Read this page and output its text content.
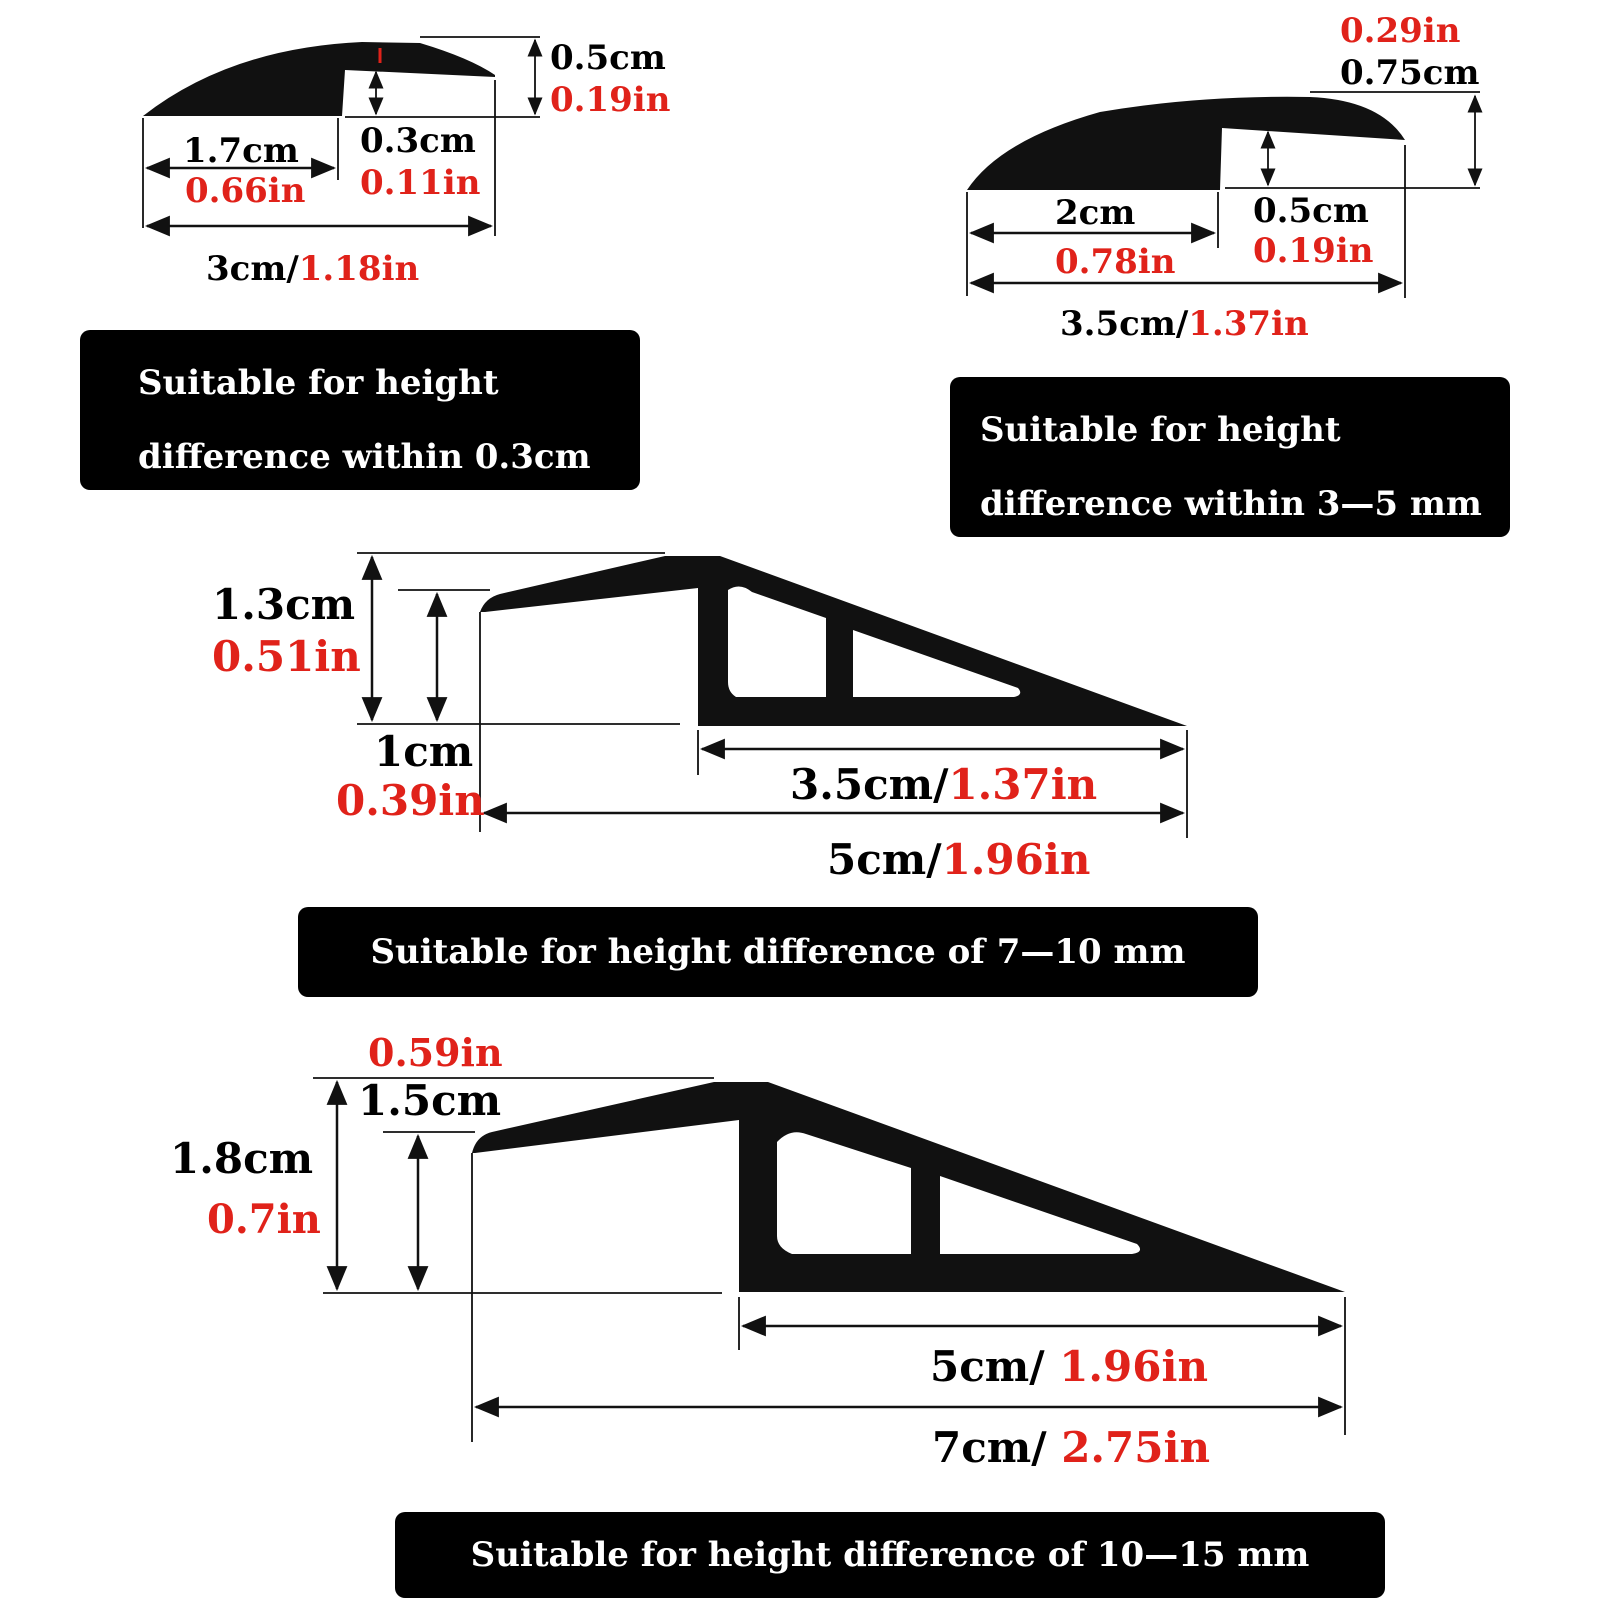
0.5cm
0.19in
0.3cm
0.11in
1.7cm
0.66in
3cm/1.18in
0.29in
0.75cm
2cm
0.78in
0.5cm
0.19in
3.5cm/1.37in
1.3cm
0.51in
1cm
0.39in	3.5cm/1.37in
5cm/1.96in
0.59in
1.5cm
1.8cm
0.7in
5cm/ 1.96in
7cm/ 2.75in
Suitable for height
difference within 0.3cm
Suitable for height
difference within 3—5 mm
Suitable for height difference of 7—10 mm
Suitable for height difference of 10—15 mm
